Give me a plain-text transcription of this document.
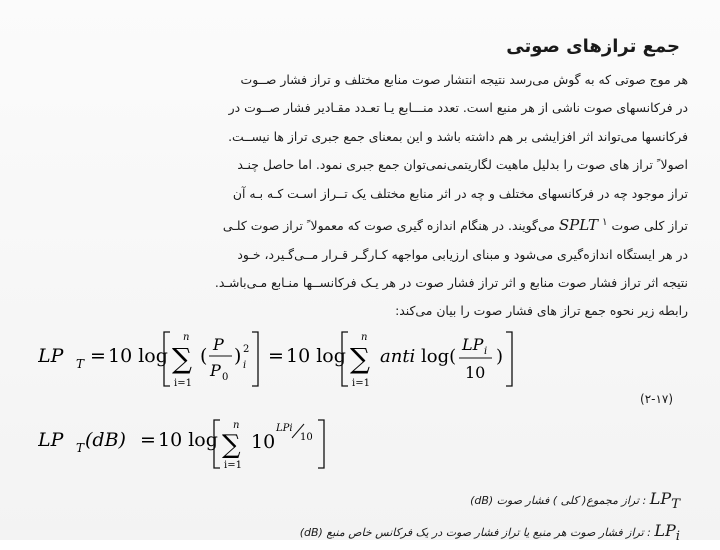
جمع ترازهای صوتی
هر موج صوتی که به گوش می‌رسد نتیجه انتشار صوت منابع مختلف و تراز فشار صــوت
در فرکانسهای صوت ناشی از هر منبع است. تعدد منـــابع یـا تعـدد مقـادیر فشار صــوت در
فرکانسها می‌تواند اثر افزایشی بر هم داشته باشد و این بمعنای جمع جبری تراز ها نیســت.
اصولا ً تراز های صوت را بدلیل ماهیت لگاریتمی‌نمی‌توان جمع جبری نمود. اما حاصل چنـد
تراز موجود چه در فرکانسهای مختلف و چه در اثر منابع مختلف یک تــراز اسـت کـه بـه آن
تراز کلی صوت $^۱$ SPLT می‌گویند. در هنگام اندازه گیری صوت که معمولا ً تراز صوت کلـی
در هر ایستگاه اندازه‌گیری می‌شود و مبنای ارزیابی مواجهه کـارگـر قـرار مــی‌گـیرد، خـود
نتیجه اثر تراز فشار صوت منابع و اثر تراز فشار صوت در هر یـک فرکانســها منـابع مـی‌باشـد.
رابطه زیر نحوه جمع تراز های فشار صوت را بیان می‌کند:
LP T = 10 log
n
∑
i=1
(
P
P 0
) 2
i = 10 log
n
∑
i=1
anti log(
LP i
10
)
(۲-۱۷)
LP T (dB) = 10 log
n
∑
i=1
10
LPi
10
$LP_T$ : تراز مجموع( کلی ) فشار صوت (dB)
$LP_i$ : تراز فشار صوت هر منبع یا تراز فشار صوت در یک فرکانس خاص منبع (dB)
